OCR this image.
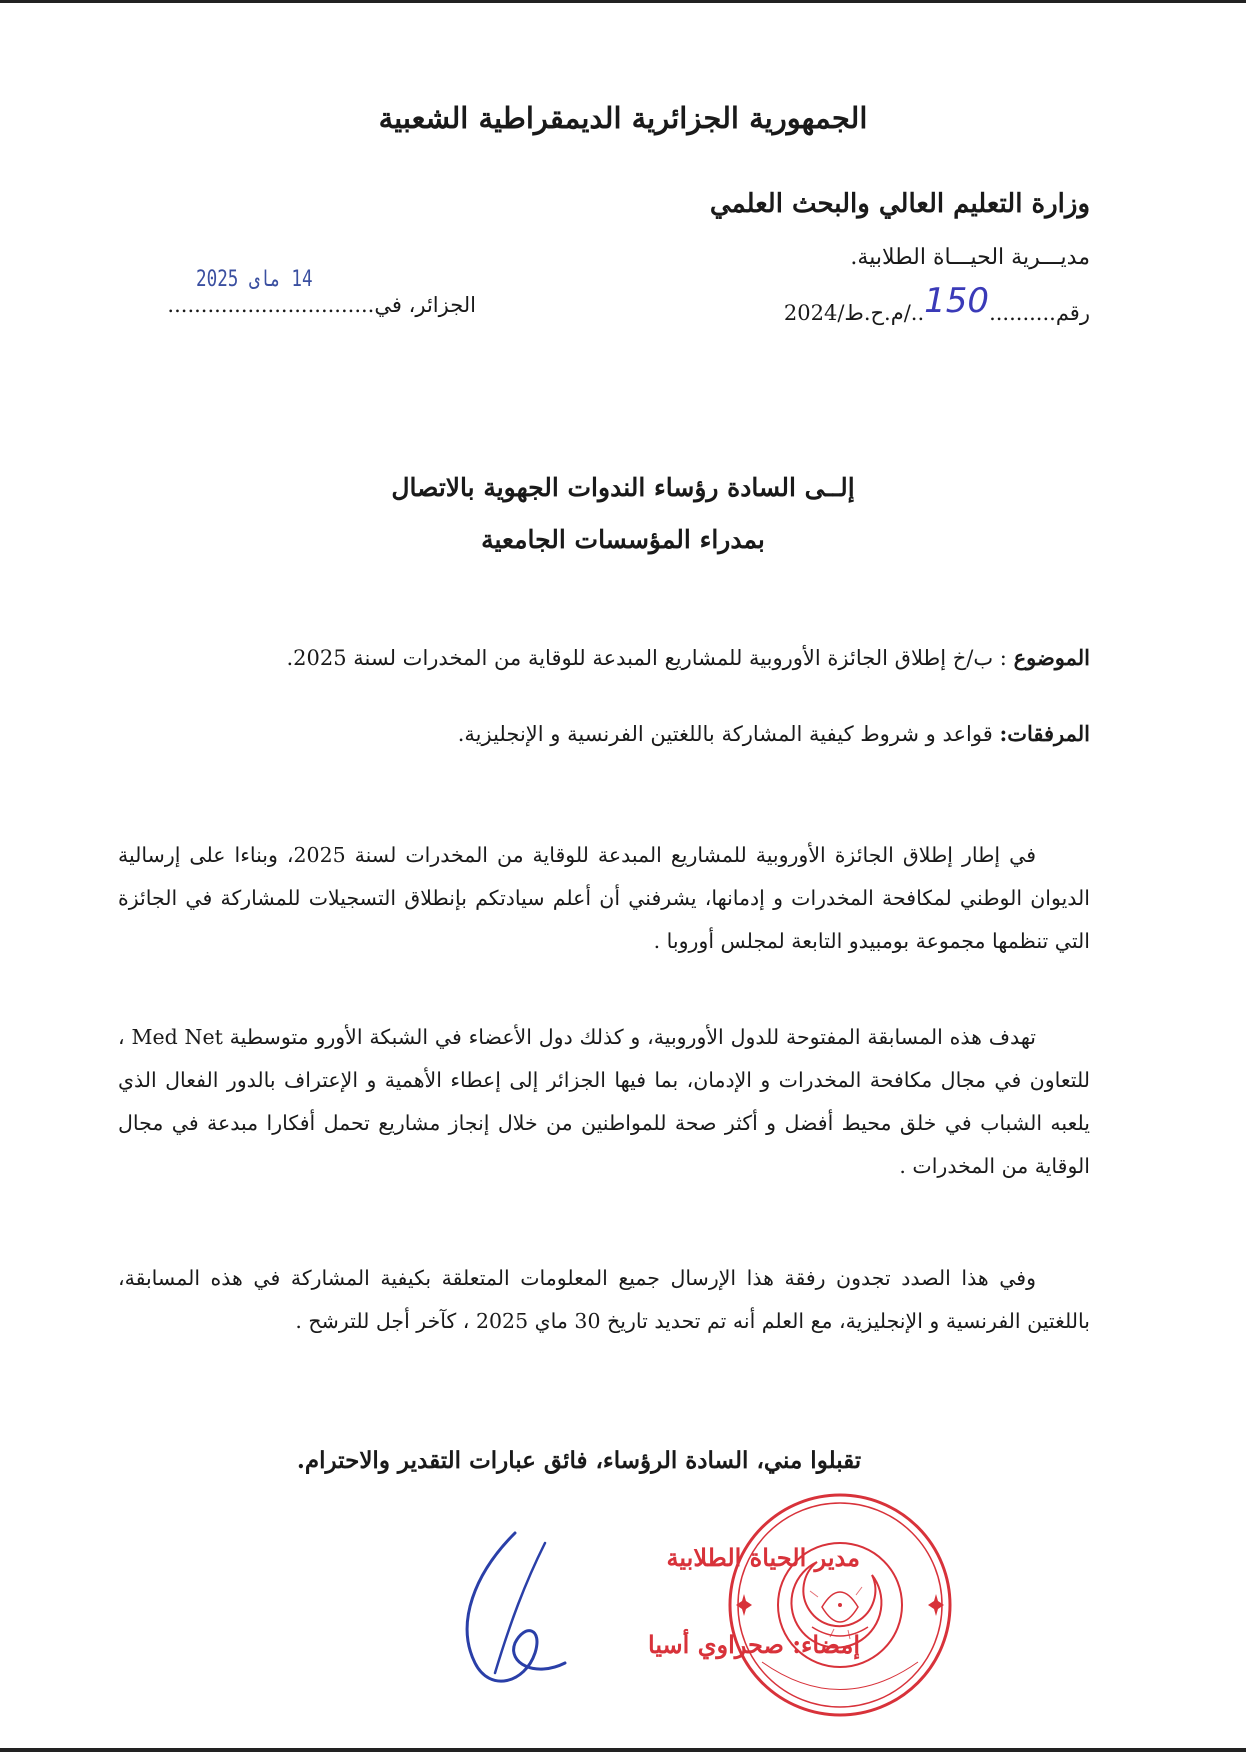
الجمهورية الجزائرية الديمقراطية الشعبية
وزارة التعليم العالي والبحث العلمي
مديـــرية الحيـــاة الطلابية.
رقم..........150../م.ح.ط/2024
الجزائر، في...............................
14 ماى 2025
إلــى السادة رؤساء الندوات الجهوية بالاتصال
بمدراء المؤسسات الجامعية
الموضوع : ب/خ إطلاق الجائزة الأوروبية للمشاريع المبدعة للوقاية من المخدرات لسنة 2025.
المرفقات: قواعد و شروط كيفية المشاركة باللغتين الفرنسية و الإنجليزية.
في إطار إطلاق الجائزة الأوروبية للمشاريع المبدعة للوقاية من المخدرات لسنة 2025، وبناءا على إرسالية الديوان الوطني لمكافحة المخدرات و إدمانها، يشرفني أن أعلم سيادتكم بإنطلاق التسجيلات للمشاركة في الجائزة التي تنظمها مجموعة بومبيدو التابعة لمجلس أوروبا .
تهدف هذه المسابقة المفتوحة للدول الأوروبية، و كذلك دول الأعضاء في الشبكة الأورو متوسطية Med Net ، للتعاون في مجال مكافحة المخدرات و الإدمان، بما فيها الجزائر إلى إعطاء الأهمية و الإعتراف بالدور الفعال الذي يلعبه الشباب في خلق محيط أفضل و أكثر صحة للمواطنين من خلال إنجاز مشاريع تحمل أفكارا مبدعة في مجال الوقاية من المخدرات .
وفي هذا الصدد تجدون رفقة هذا الإرسال جميع المعلومات المتعلقة بكيفية المشاركة في هذه المسابقة، باللغتين الفرنسية و الإنجليزية، مع العلم أنه تم تحديد تاريخ 30 ماي 2025 ، كآخر أجل للترشح .
تقبلوا مني، السادة الرؤساء، فائق عبارات التقدير والاحترام.
مدير الحياة الطلابية
إمضاء: صحراوي أسيا
